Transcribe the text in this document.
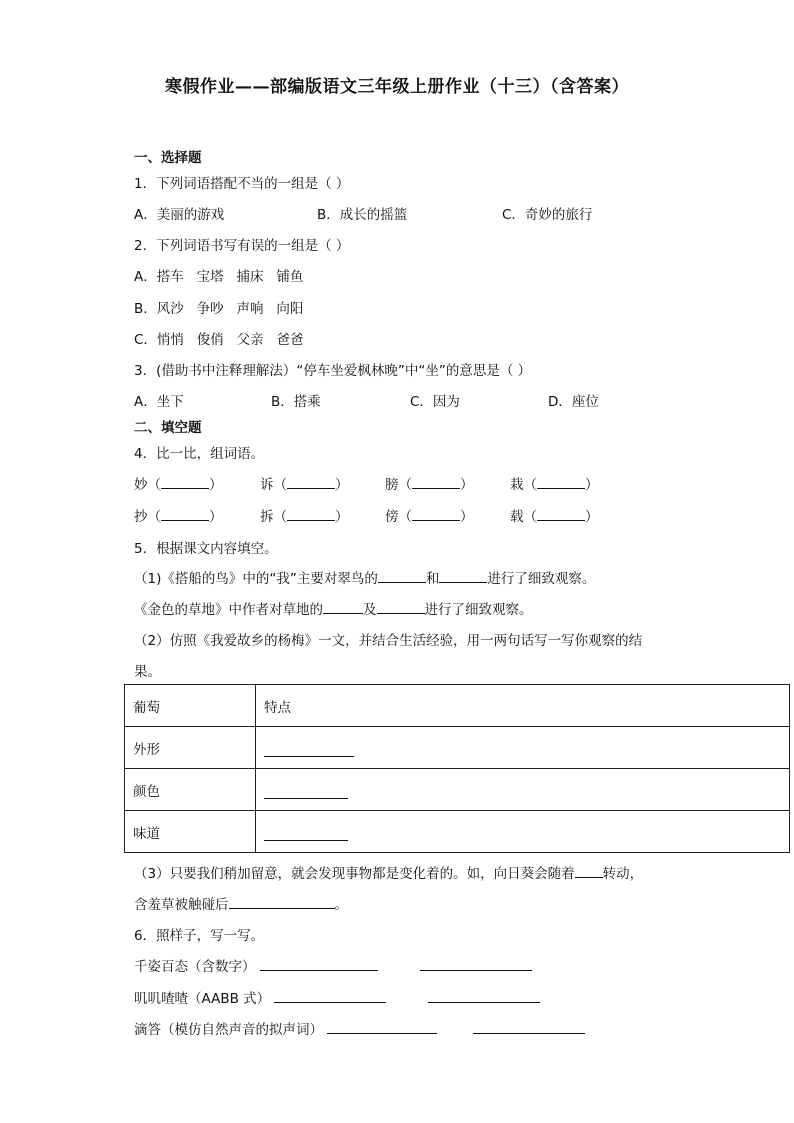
寒假作业——部编版语文三年级上册作业（十三）（含答案）
一、选择题
1．下列词语搭配不当的一组是（ ）
A．美丽的游戏	B．成长的摇篮	C．奇妙的旅行
2．下列词语书写有误的一组是（ ）
A．搭车   宝塔   捕床   铺鱼
B．风沙   争吵   声响   向阳
C．悄悄   俊俏   父亲   爸爸
3．(借助书中注释理解法）“停车坐爱枫林晚”中“坐”的意思是（ ）
A．坐下	B．搭乘	C．因为	D．座位
二、填空题
4．比一比，组词语。
妙（	）	诉（	）	膀（	）	栽（	）
抄（	）	拆（	）	傍（	）	载（	）
5．根据课文内容填空。
（1)《搭船的鸟》中的“我”主要对翠鸟的	和	进行了细致观察。
《金色的草地》中作者对草地的	及	进行了细致观察。
（2）仿照《我爱故乡的杨梅》一文，并结合生活经验，用一两句话写一写你观察的结
果。
葡萄	特点
外形	
颜色	
味道	
（3）只要我们稍加留意，就会发现事物都是变化着的。如，向日葵会随着 转动，
含羞草被触碰后	。
6．照样子，写一写。
千姿百态（含数字）
叽叽喳喳（AABB 式）
滴答（模仿自然声音的拟声词）
